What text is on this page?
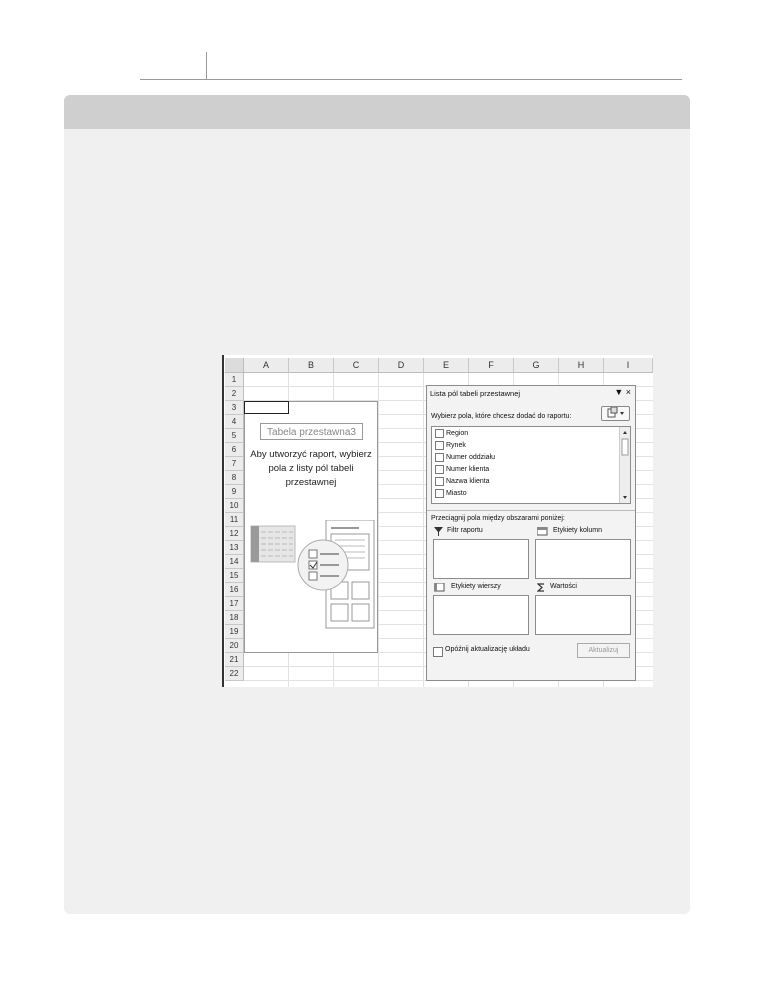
A	B	C	D	E	F	G	H	I
1
2
3
4
5
6
7
8
9
10
11
12
13
14
15
16
17
18
19
20
21
22
Tabela przestawna3
Aby utworzyć raport, wybierz
pola z listy pól tabeli
przestawnej
Lista pól tabeli przestawnej	▼ ×
Wybierz pola, które chcesz dodać do raportu:
Region
Rynek
Numer oddziału
Numer klienta
Nazwa klienta
Miasto
Przeciągnij pola między obszarami poniżej:
Filtr raportu	Etykiety kolumn
Etykiety wierszy	Wartości
Opóźnij aktualizację układu	Aktualizuj
